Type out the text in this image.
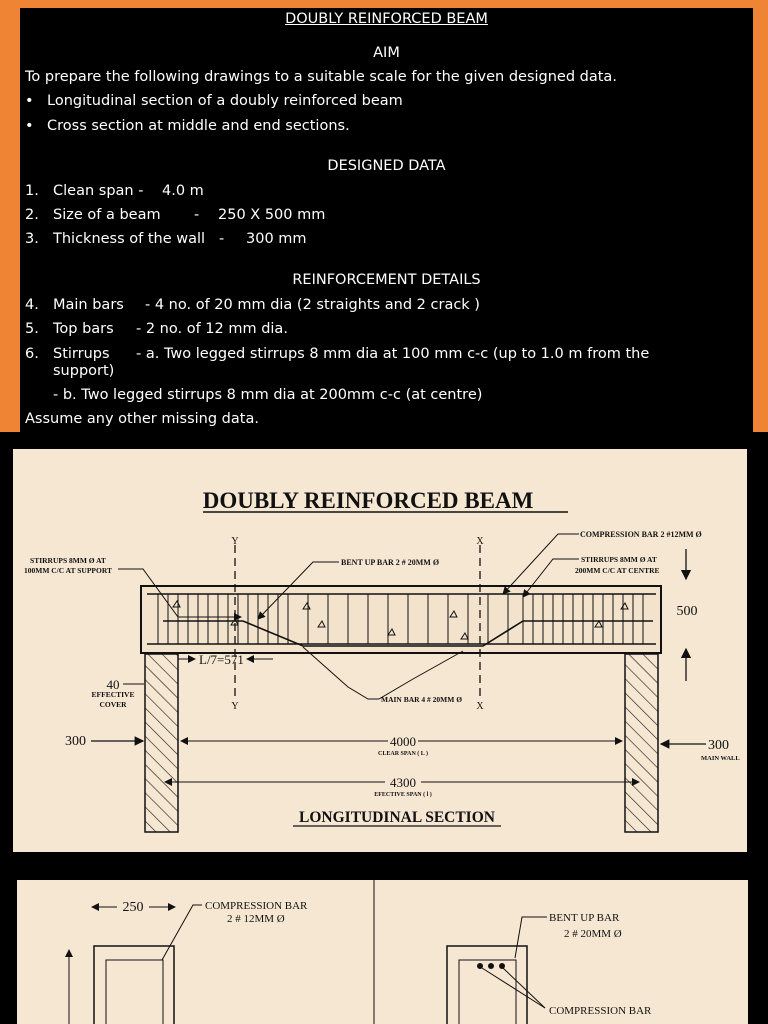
DOUBLY REINFORCED BEAM
AIM
To prepare the following drawings to a suitable scale for the given designed data.
• Longitudinal section of a doubly reinforced beam
• Cross section at middle and end sections.
DESIGNED DATA
1. Clean span - 4.0 m
2. Size of a beam - 250 X 500 mm
3. Thickness of the wall - 300 mm
REINFORCEMENT DETAILS
4. Main bars - 4 no. of 20 mm dia (2 straights and 2 crack )
5. Top bars - 2 no. of 12 mm dia.
6. Stirrups - a. Two legged stirrups 8 mm dia at 100 mm c-c (up to 1.0 m from the
support)
- b. Two legged stirrups 8 mm dia at 200mm c-c (at centre)
Assume any other missing data.
DOUBLY REINFORCED BEAM
Y
Y
X
X
COMPRESSION BAR 2 #12MM Ø
STIRRUPS 8MM Ø AT
100MM C/C AT SUPPORT
BENT UP BAR 2 # 20MM Ø	STIRRUPS 8MM Ø AT
200MM C/C AT CENTRE
500
L/7=571
MAIN BAR 4 # 20MM Ø
40
EFFECTIVE
COVER
300	300
MAIN WALL
4000
CLEAR SPAN ( L )
4300
EFECTIVE SPAN ( l )
LONGITUDINAL SECTION
250	COMPRESSION BAR
2 # 12MM Ø	BENT UP BAR
2 # 20MM Ø
COMPRESSION BAR
